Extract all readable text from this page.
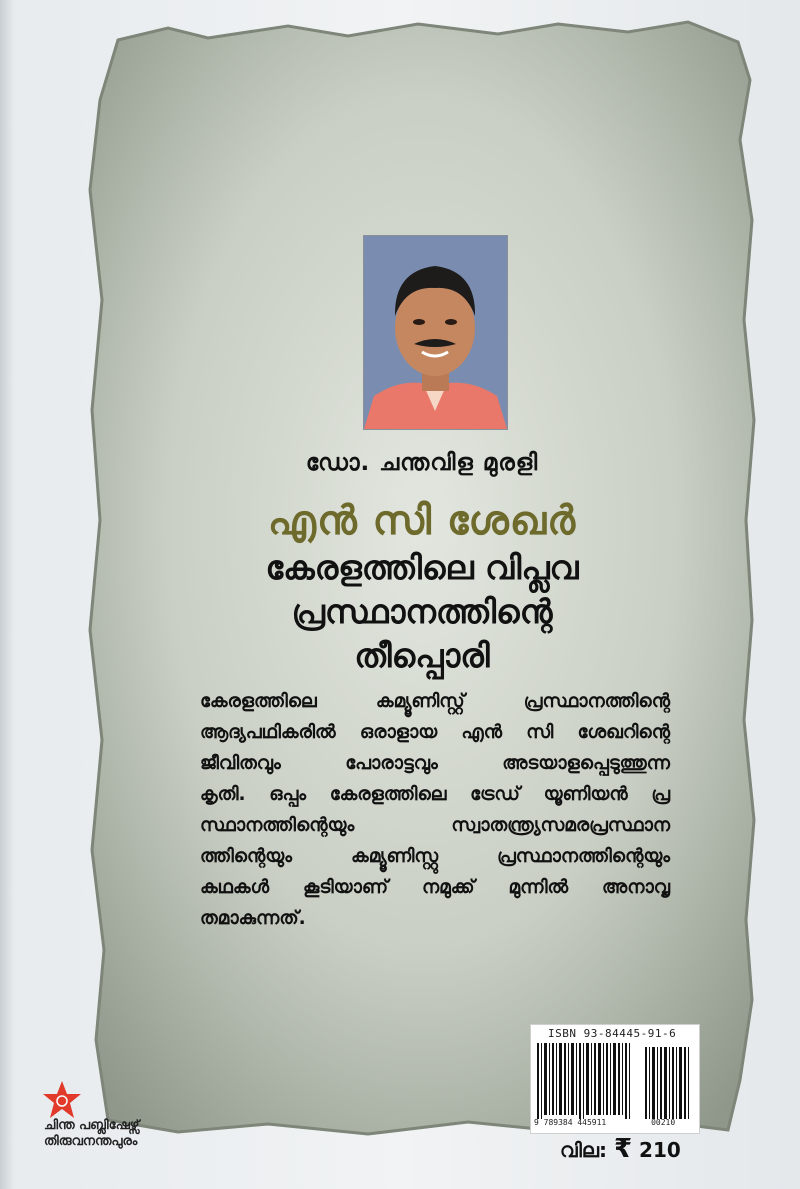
ഡോ. ചന്തവിള മുരളി
എൻ സി ശേഖർ
കേരളത്തിലെ വിപ്ലവ
പ്രസ്ഥാനത്തിന്റെ
തീപ്പൊരി
കേരളത്തിലെ കമ്യൂണിസ്റ്റ് പ്രസ്ഥാനത്തിന്റെ
ആദ്യപഥികരിൽ ഒരാളായ എൻ സി ശേഖറിന്റെ
ജീവിതവും പോരാട്ടവും അടയാളപ്പെടുത്തുന്ന
കൃതി. ഒപ്പം കേരളത്തിലെ ട്രേഡ് യൂണിയൻ പ്ര
സ്ഥാനത്തിന്റെയും സ്വാതന്ത്ര്യസമരപ്രസ്ഥാന
ത്തിന്റെയും കമ്യൂണിസ്റ്റു പ്രസ്ഥാനത്തിന്റെയും
കഥകൾ കൂടിയാണ് നമുക്ക് മുന്നിൽ അനാവൃ
തമാകുന്നത്.
ISBN 93-84445-91-6
9 789384 445911	00210
വില: ₹ 210
ചിന്ത പബ്ലിഷേഴ്സ്
തിരുവനന്തപുരം
